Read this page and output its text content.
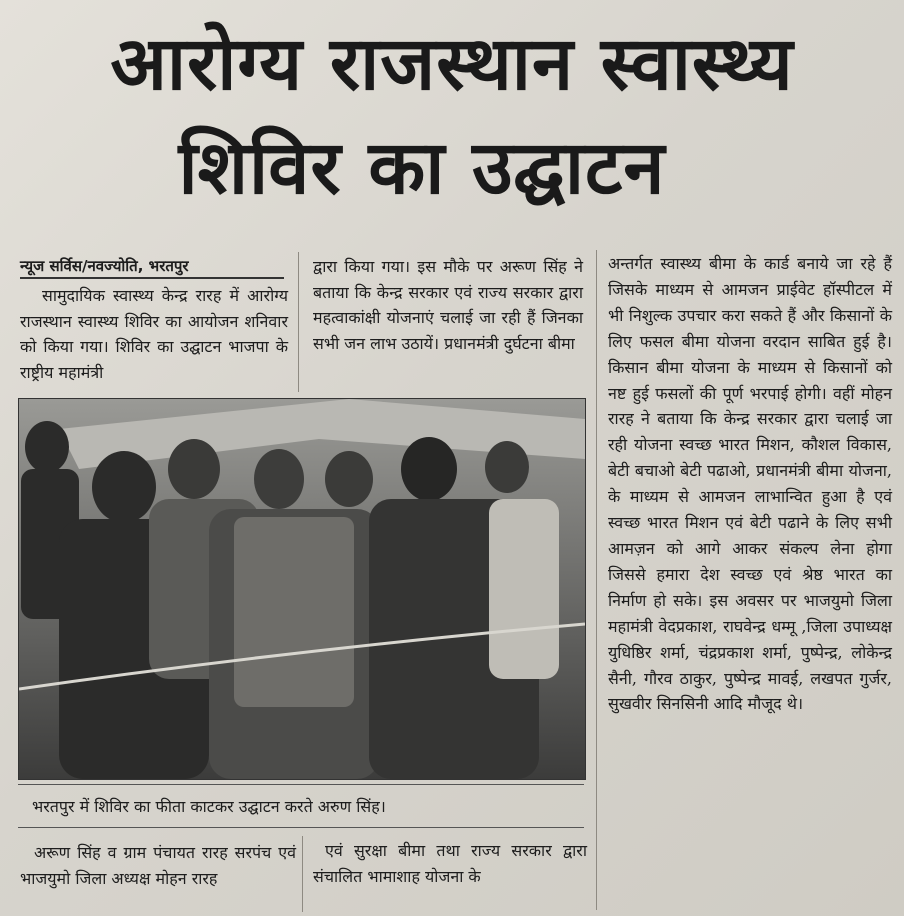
आरोग्य राजस्थान स्वास्थ्य
शिविर का उद्घाटन
न्यूज सर्विस/नवज्योति, भरतपुर
सामुदायिक स्वास्थ्य केन्द्र रारह में आरोग्य राजस्थान स्वास्थ्य शिविर का आयोजन शनिवार को किया गया। शिविर का उद्घाटन भाजपा के राष्ट्रीय महामंत्री
द्वारा किया गया। इस मौके पर अरूण सिंह ने बताया कि केन्द्र सरकार एवं राज्य सरकार द्वारा महत्वाकांक्षी योजनाएं चलाई जा रही हैं जिनका सभी जन लाभ उठायें। प्रधानमंत्री दुर्घटना बीमा
अन्तर्गत स्वास्थ्य बीमा के कार्ड बनाये जा रहे हैं जिसके माध्यम से आमजन प्राईवेट हॉस्पीटल में भी निशुल्क उपचार करा सकते हैं और किसानों के लिए फसल बीमा योजना वरदान साबित हुई है। किसान बीमा योजना के माध्यम से किसानों को नष्ट हुई फसलों की पूर्ण भरपाई होगी। वहीं मोहन रारह ने बताया कि केन्द्र सरकार द्वारा चलाई जा रही योजना स्वच्छ भारत मिशन, कौशल विकास, बेटी बचाओ बेटी पढाओ, प्रधानमंत्री बीमा योजना, के माध्यम से आमजन लाभान्वित हुआ है एवं स्वच्छ भारत मिशन एवं बेटी पढाने के लिए सभी आमज़न को आगे आकर संकल्प लेना होगा जिससे हमारा देश स्वच्छ एवं श्रेष्ठ भारत का निर्माण हो सके। इस अवसर पर भाजयुमो जिला महामंत्री वेदप्रकाश, राघवेन्द्र धम्मू ,जिला उपाध्यक्ष युधिष्ठिर शर्मा, चंद्रप्रकाश शर्मा, पुष्पेन्द्र, लोकेन्द्र सैनी, गौरव ठाकुर, पुष्पेन्द्र मावई, लखपत गुर्जर, सुखवीर सिनसिनी आदि मौजूद थे।
भरतपुर में शिविर का फीता काटकर उद्घाटन करते अरुण सिंह।
अरूण सिंह व ग्राम पंचायत रारह सरपंच एवं भाजयुमो जिला अध्यक्ष मोहन रारह
एवं सुरक्षा बीमा तथा राज्य सरकार द्वारा संचालित भामाशाह योजना के
